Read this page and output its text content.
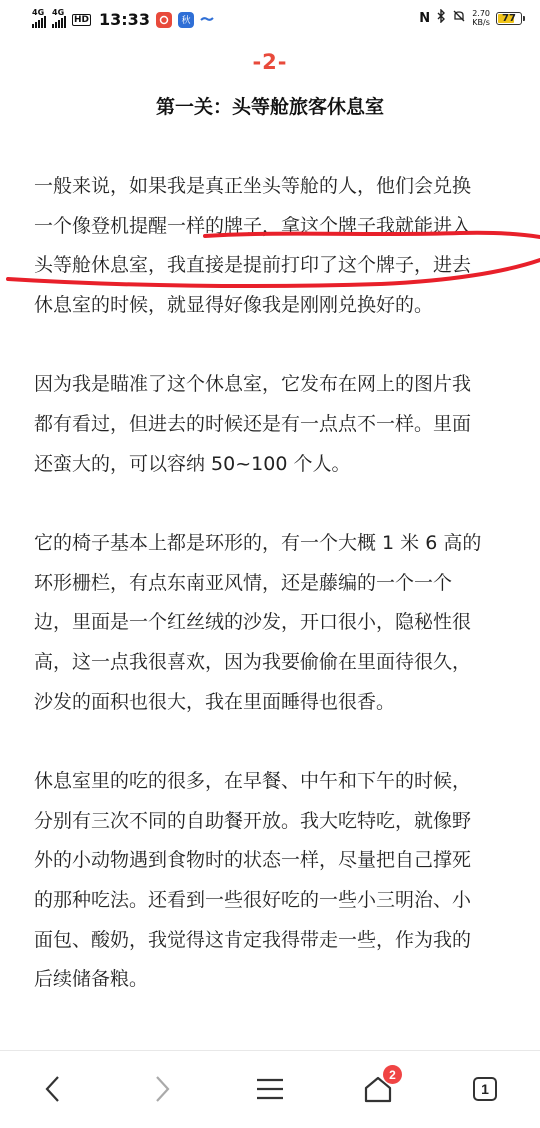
4G 4G
HD 13:33	秋	N	2.70
KB/s 77
-2-
第一关：头等舱旅客休息室

一般来说，如果我是真正坐头等舱的人，他们会兑换
一个像登机提醒一样的牌子，拿这个牌子我就能进入
头等舱休息室，我直接是提前打印了这个牌子，进去
休息室的时候，就显得好像我是刚刚兑换好的。

因为我是瞄准了这个休息室，它发布在网上的图片我
都有看过，但进去的时候还是有一点点不一样。里面
还蛮大的，可以容纳 50~100 个人。

它的椅子基本上都是环形的，有一个大概 1 米 6 高的
环形栅栏，有点东南亚风情，还是藤编的一个一个
边，里面是一个红丝绒的沙发，开口很小，隐秘性很
高，这一点我很喜欢，因为我要偷偷在里面待很久，
沙发的面积也很大，我在里面睡得也很香。

休息室里的吃的很多，在早餐、中午和下午的时候，
分别有三次不同的自助餐开放。我大吃特吃，就像野
外的小动物遇到食物时的状态一样，尽量把自己撑死
的那种吃法。还看到一些很好吃的一些小三明治、小
面包、酸奶，我觉得这肯定我得带走一些，作为我的
后续储备粮。

2
1
